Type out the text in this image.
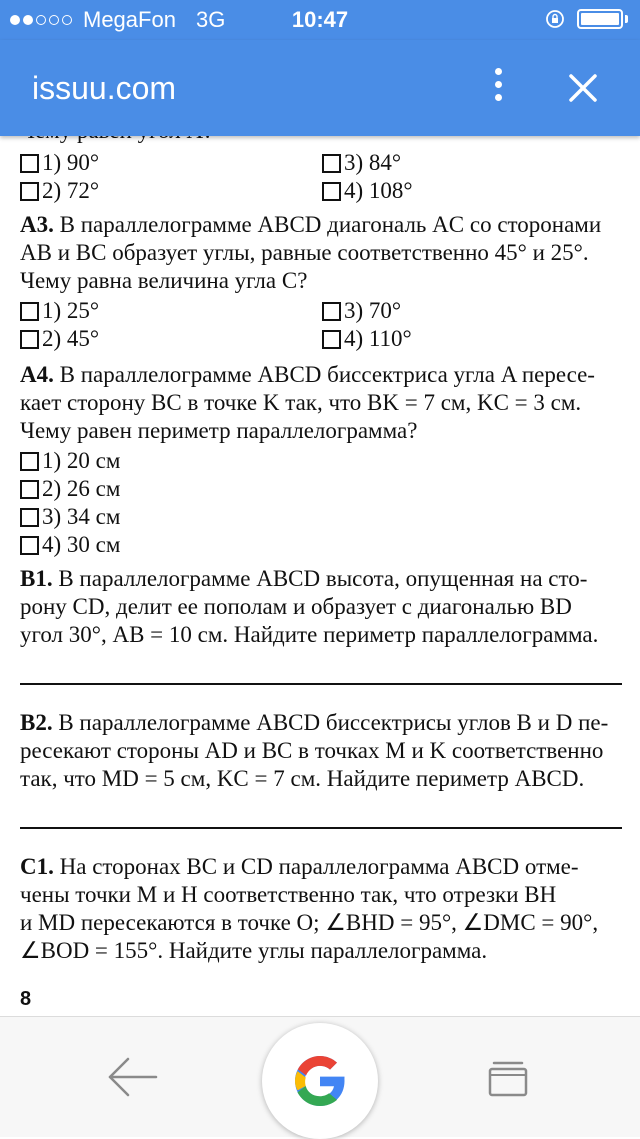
MegaFon 3G	10:47
issuu.com
1) 90°
2) 72°
3) 84°
4) 108°
А3. В параллелограмме ABCD диагональ AC со сторонами
AB и BC образует углы, равные соответственно 45° и 25°.
Чему равна величина угла C?
1) 25°
2) 45°
3) 70°
4) 110°
А4. В параллелограмме ABCD биссектриса угла A пересе-
кает сторону BC в точке K так, что BK = 7 см, KC = 3 см.
Чему равен периметр параллелограмма?
1) 20 см
2) 26 см
3) 34 см
4) 30 см
В1. В параллелограмме ABCD высота, опущенная на сто-
рону CD, делит ее пополам и образует с диагональю BD
угол 30°, AB = 10 см. Найдите периметр параллелограмма.
В2. В параллелограмме ABCD биссектрисы углов B и D пе-
ресекают стороны AD и BC в точках M и K соответственно
так, что MD = 5 см, KC = 7 см. Найдите периметр ABCD.
С1. На сторонах BC и CD параллелограмма ABCD отме-
чены точки M и H соответственно так, что отрезки BH
и MD пересекаются в точке O; ∠BHD = 95°, ∠DMC = 90°,
∠BOD = 155°. Найдите углы параллелограмма.
8
